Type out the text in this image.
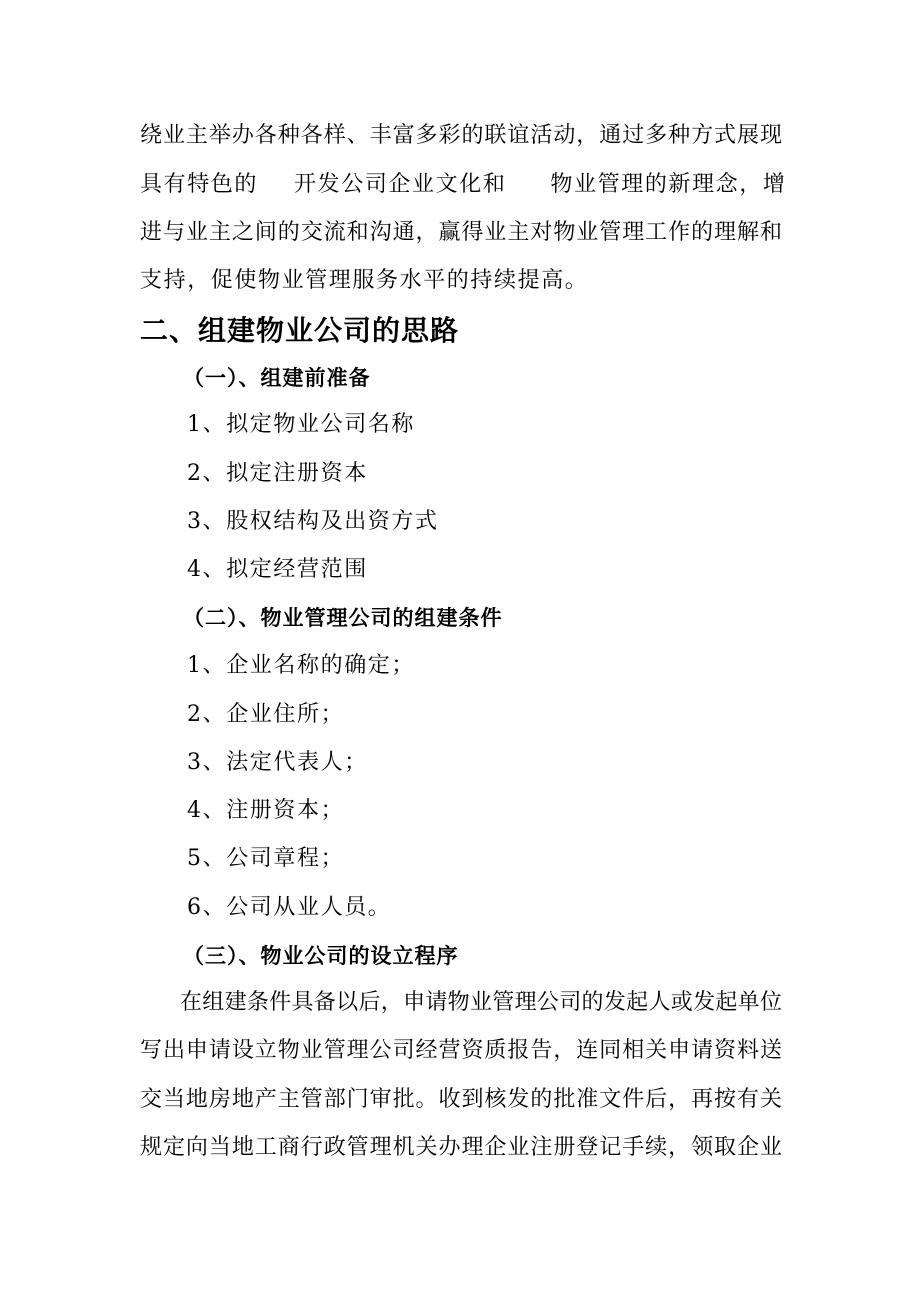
绕业主举办各种各样、丰富多彩的联谊活动，通过多种方式展现
具有特色的 开发公司企业文化和 物业管理的新理念，增
进与业主之间的交流和沟通，赢得业主对物业管理工作的理解和
支持，促使物业管理服务水平的持续提高。
二、组建物业公司的思路
（一）、组建前准备
1、拟定物业公司名称
2、拟定注册资本
3、股权结构及出资方式
4、拟定经营范围
（二）、物业管理公司的组建条件
1、企业名称的确定；
2、企业住所；
3、法定代表人；
4、注册资本；
5、公司章程；
6、公司从业人员。
（三）、物业公司的设立程序
在组建条件具备以后，申请物业管理公司的发起人或发起单位
写出申请设立物业管理公司经营资质报告，连同相关申请资料送
交当地房地产主管部门审批。收到核发的批准文件后，再按有关
规定向当地工商行政管理机关办理企业注册登记手续，领取企业
